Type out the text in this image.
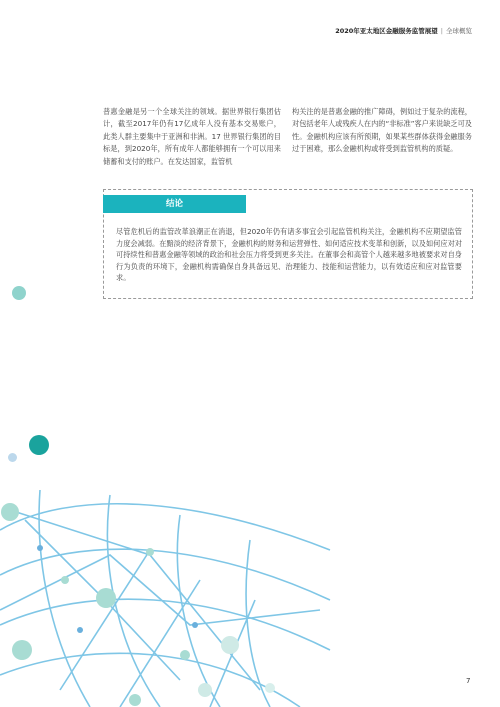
2020年亚太地区金融服务监管展望 | 全球概览
普惠金融是另一个全球关注的领域。据世界银行集团估计，截至2017年仍有17亿成年人没有基本交易账户，此类人群主要集中于亚洲和非洲。17 世界银行集团的目标是，到2020年，所有成年人都能够拥有一个可以用来储蓄和支付的账户。在发达国家，监管机
构关注的是普惠金融的推广障碍，例如过于复杂的流程，对包括老年人或残疾人在内的“非标准”客户来说缺乏可及性。金融机构应该有所预期，如果某些群体获得金融服务过于困难，那么金融机构或将受到监管机构的质疑。
结论
尽管危机后的监管改革浪潮正在消退，但2020年仍有诸多事宜会引起监管机构关注，金融机构不应期望监管力度会减弱。在黯淡的经济背景下，金融机构的财务和运营弹性、如何适应技术变革和创新，以及如何应对对可持续性和普惠金融等领域的政治和社会压力将受到更多关注。在董事会和高管个人越来越多地被要求对自身行为负责的环境下，金融机构需确保自身具备远见、治理能力、技能和运营能力，以有效适应和应对监管要求。
7
